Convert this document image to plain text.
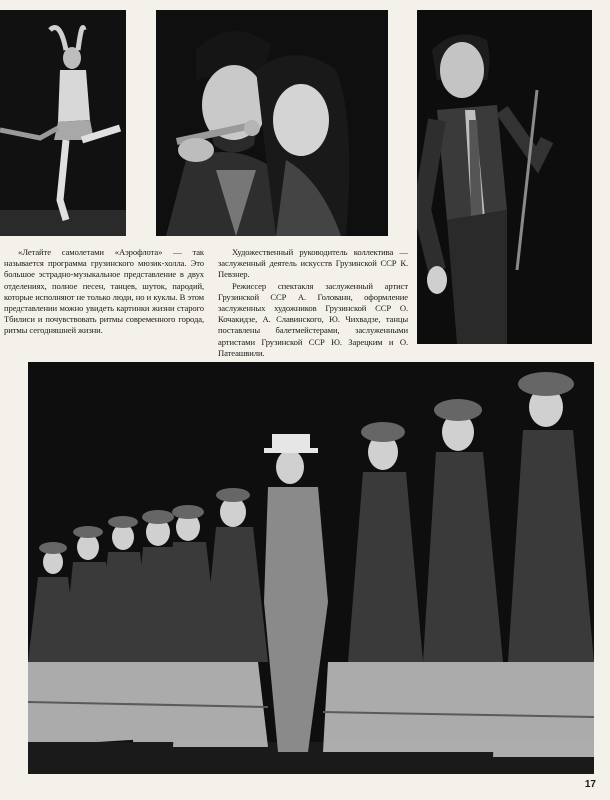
«Летайте самолетами «Аэрофлота» — так называется программа грузинского мюзик-холла. Это большое эстрадно-музыкальное представление в двух отделениях, полное песен, танцев, шуток, пародий, которые исполняют не только люди, но и куклы. В этом представлении можно увидеть картинки жизни старого Тбилиси и почувствовать ритмы современного города, ритмы сегодняшней жизни.

Художественный руководитель коллектива — заслуженный деятель искусств Грузинской ССР К. Певзнер.

Режиссер спектакля заслуженный артист Грузинской ССР А. Голованн, оформление заслуженных художников Грузинской ССР О. Кочакидзе, А. Славинского, Ю. Чихвадзе, танцы поставлены балетмейстерами, заслуженными артистами Грузинской ССР Ю. Зарецким и О. Патеашвили.

17
